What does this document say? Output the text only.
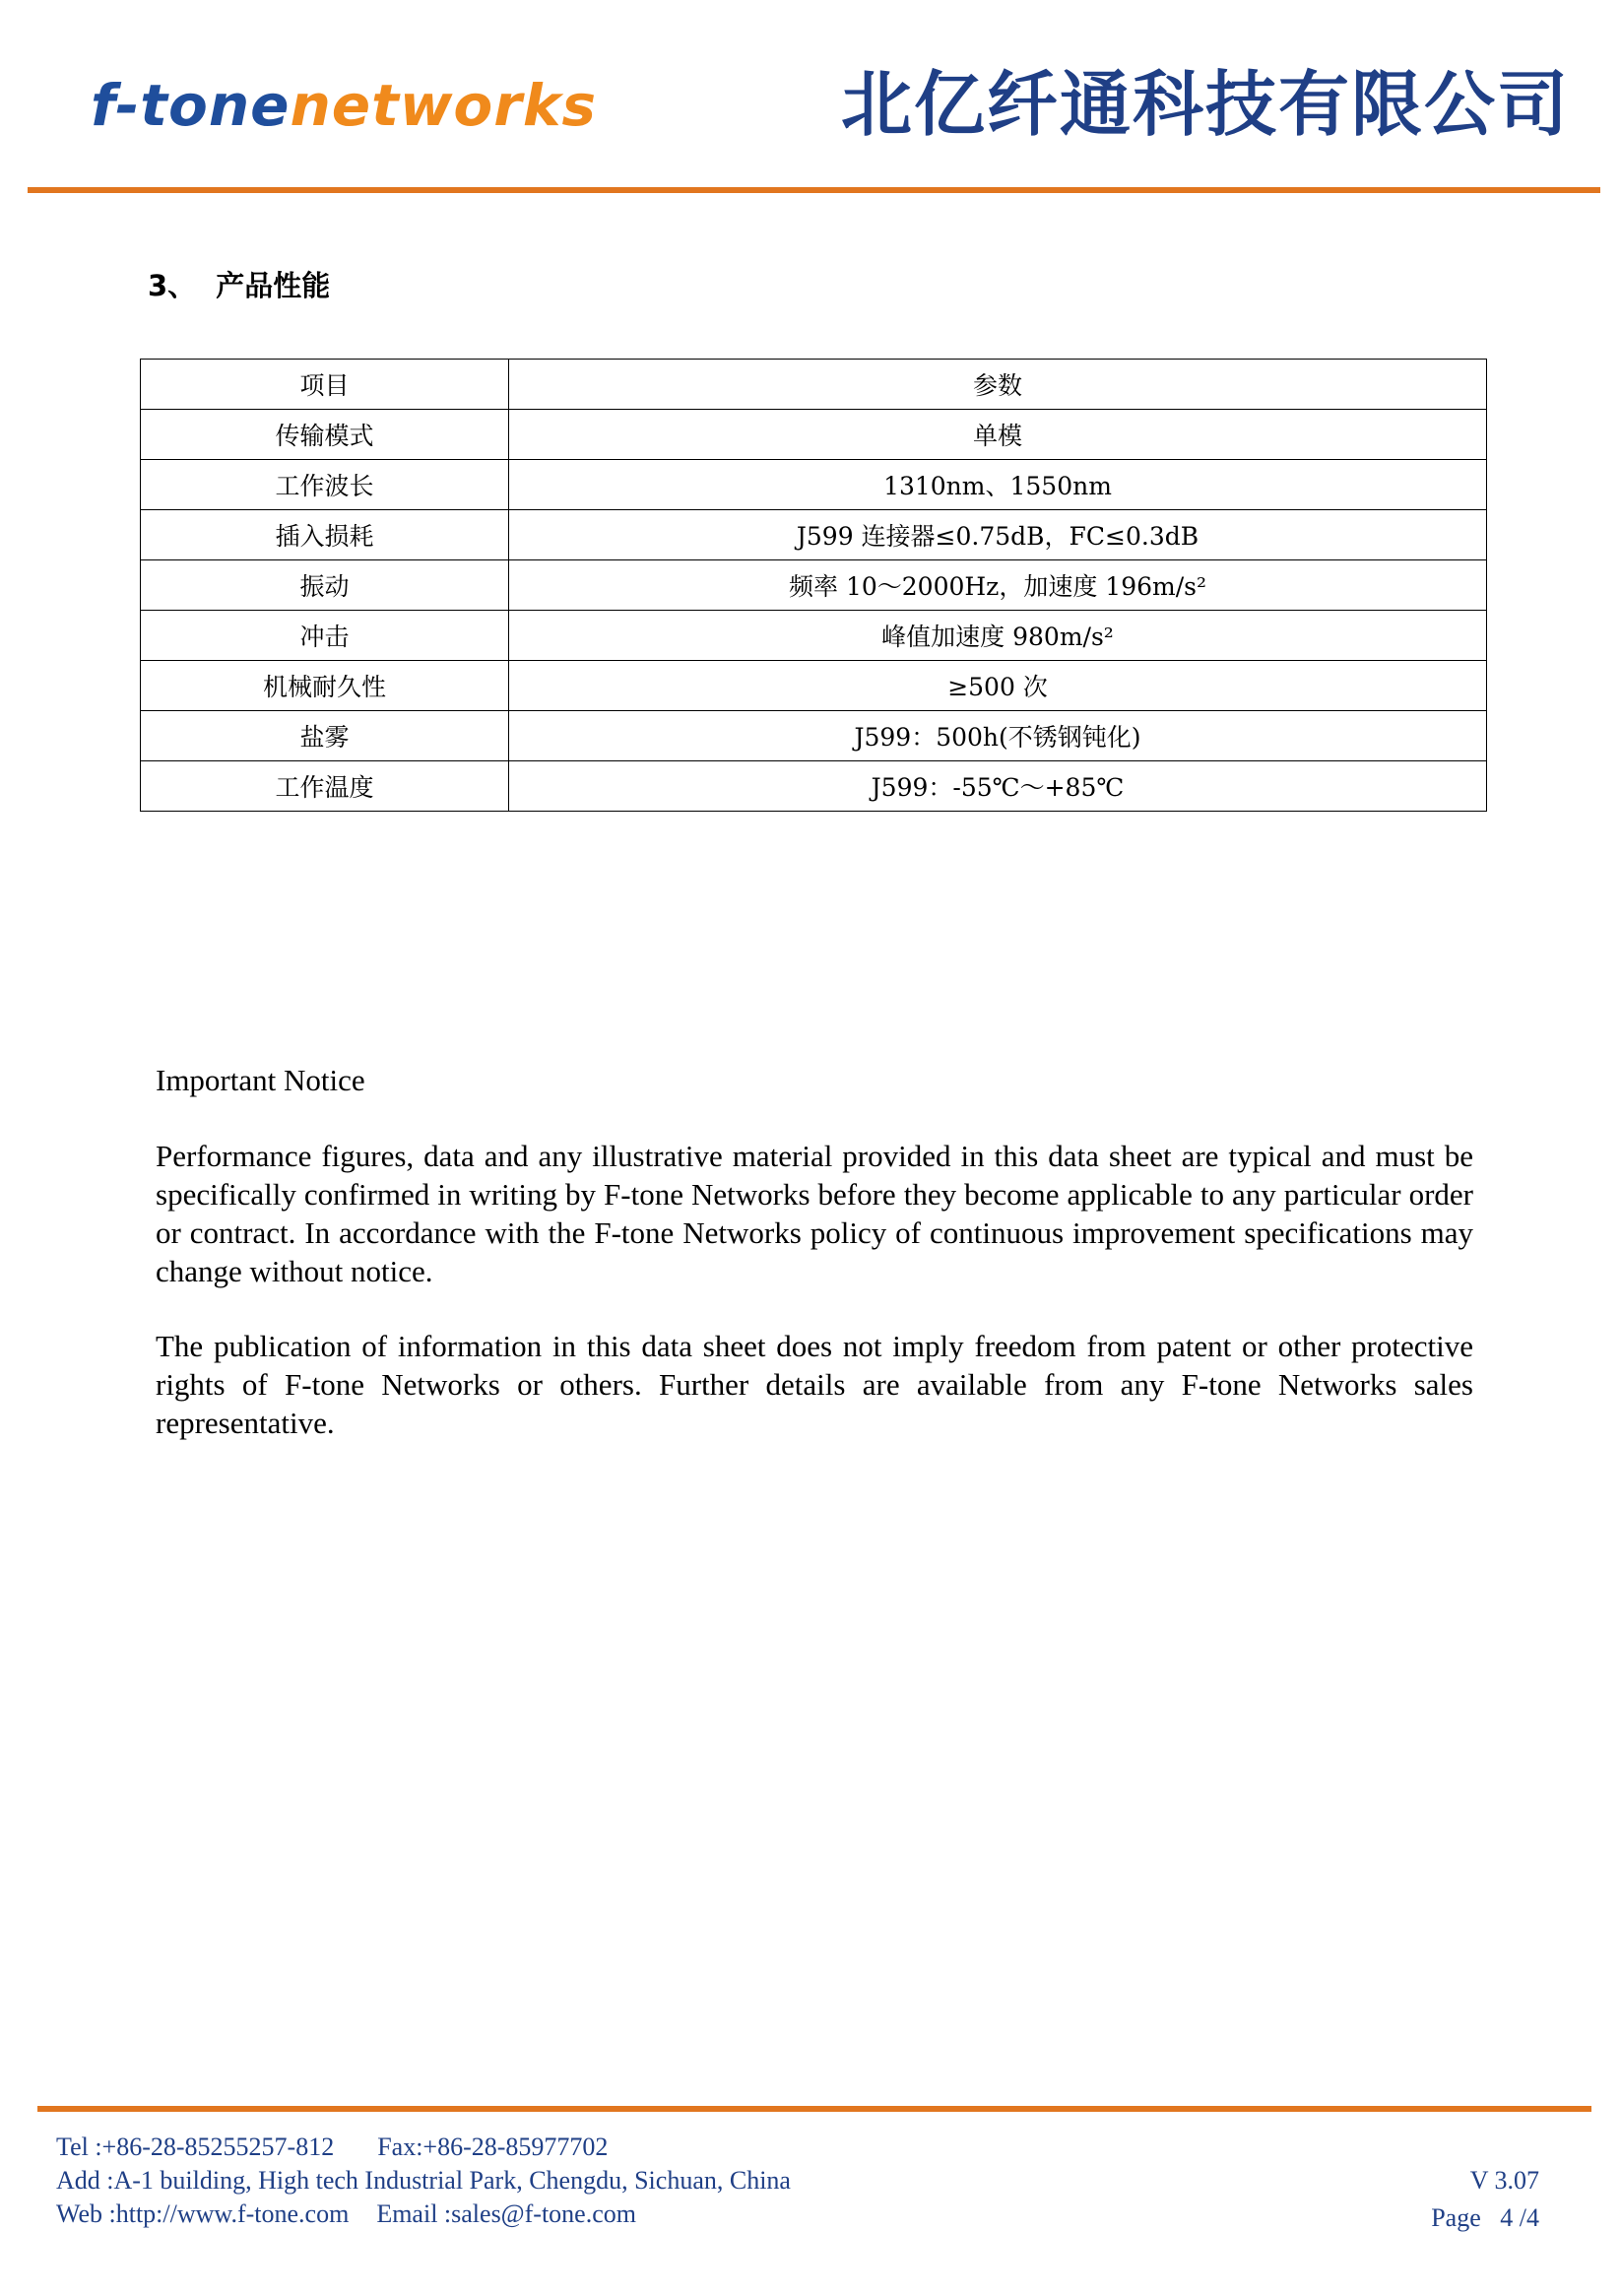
f-tonenetworks	北亿纤通科技有限公司
3、 产品性能
项目	参数
传输模式	单模
工作波长	1310nm、1550nm
插入损耗	J599 连接器≤0.75dB，FC≤0.3dB
振动	频率 10～2000Hz，加速度 196m/s²
冲击	峰值加速度 980m/s²
机械耐久性	≥500 次
盐雾	J599：500h(不锈钢钝化)
工作温度	J599：-55℃～+85℃
Important Notice
Performance figures, data and any illustrative material provided in this data sheet are typical and must be specifically confirmed in writing by F-tone Networks before they become applicable to any particular order or contract. In accordance with the F-tone Networks policy of continuous improvement specifications may change without notice.
The publication of information in this data sheet does not imply freedom from patent or other protective rights of F-tone Networks or others. Further details are available from any F-tone Networks sales representative.
Tel :+86-28-85255257-812 Fax:+86-28-85977702
Add :A-1 building, High tech Industrial Park, Chengdu, Sichuan, China
Web :http://www.f-tone.com Email :sales@f-tone.com
V 3.07
Page 4 /4
